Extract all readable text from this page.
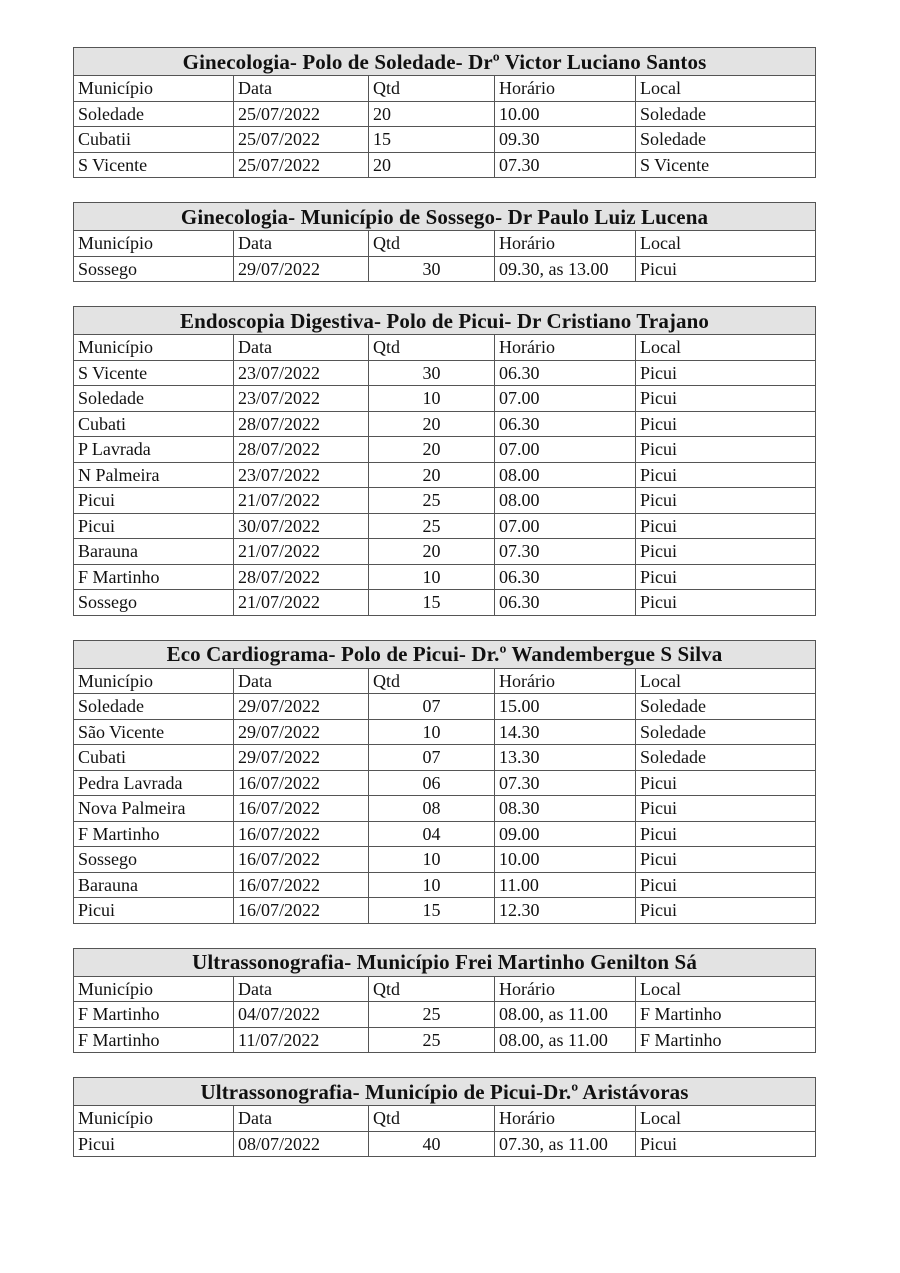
Ginecologia- Polo de Soledade- Drº Victor Luciano Santos				
Município	Data	Qtd	Horário	Local
Soledade	25/07/2022	20	10.00	Soledade
Cubatii	25/07/2022	15	09.30	Soledade
S Vicente	25/07/2022	20	07.30	S Vicente
Ginecologia- Município de Sossego- Dr Paulo Luiz Lucena				
Município	Data	Qtd	Horário	Local
Sossego	29/07/2022	30	09.30, as 13.00	Picui
Endoscopia Digestiva- Polo de Picui- Dr Cristiano Trajano				
Município	Data	Qtd	Horário	Local
S Vicente	23/07/2022	30	06.30	Picui
Soledade	23/07/2022	10	07.00	Picui
Cubati	28/07/2022	20	06.30	Picui
P Lavrada	28/07/2022	20	07.00	Picui
N Palmeira	23/07/2022	20	08.00	Picui
Picui	21/07/2022	25	08.00	Picui
Picui	30/07/2022	25	07.00	Picui
Barauna	21/07/2022	20	07.30	Picui
F Martinho	28/07/2022	10	06.30	Picui
Sossego	21/07/2022	15	06.30	Picui
Eco Cardiograma- Polo de Picui- Dr.º Wandembergue S Silva				
Município	Data	Qtd	Horário	Local
Soledade	29/07/2022	07	15.00	Soledade
São Vicente	29/07/2022	10	14.30	Soledade
Cubati	29/07/2022	07	13.30	Soledade
Pedra Lavrada	16/07/2022	06	07.30	Picui
Nova Palmeira	16/07/2022	08	08.30	Picui
F Martinho	16/07/2022	04	09.00	Picui
Sossego	16/07/2022	10	10.00	Picui
Barauna	16/07/2022	10	11.00	Picui
Picui	16/07/2022	15	12.30	Picui
Ultrassonografia- Município Frei Martinho Genilton Sá				
Município	Data	Qtd	Horário	Local
F Martinho	04/07/2022	25	08.00, as 11.00	F Martinho
F Martinho	11/07/2022	25	08.00, as 11.00	F Martinho
Ultrassonografia- Município de Picui-Dr.º Aristávoras				
Município	Data	Qtd	Horário	Local
Picui	08/07/2022	40	07.30, as 11.00	Picui
